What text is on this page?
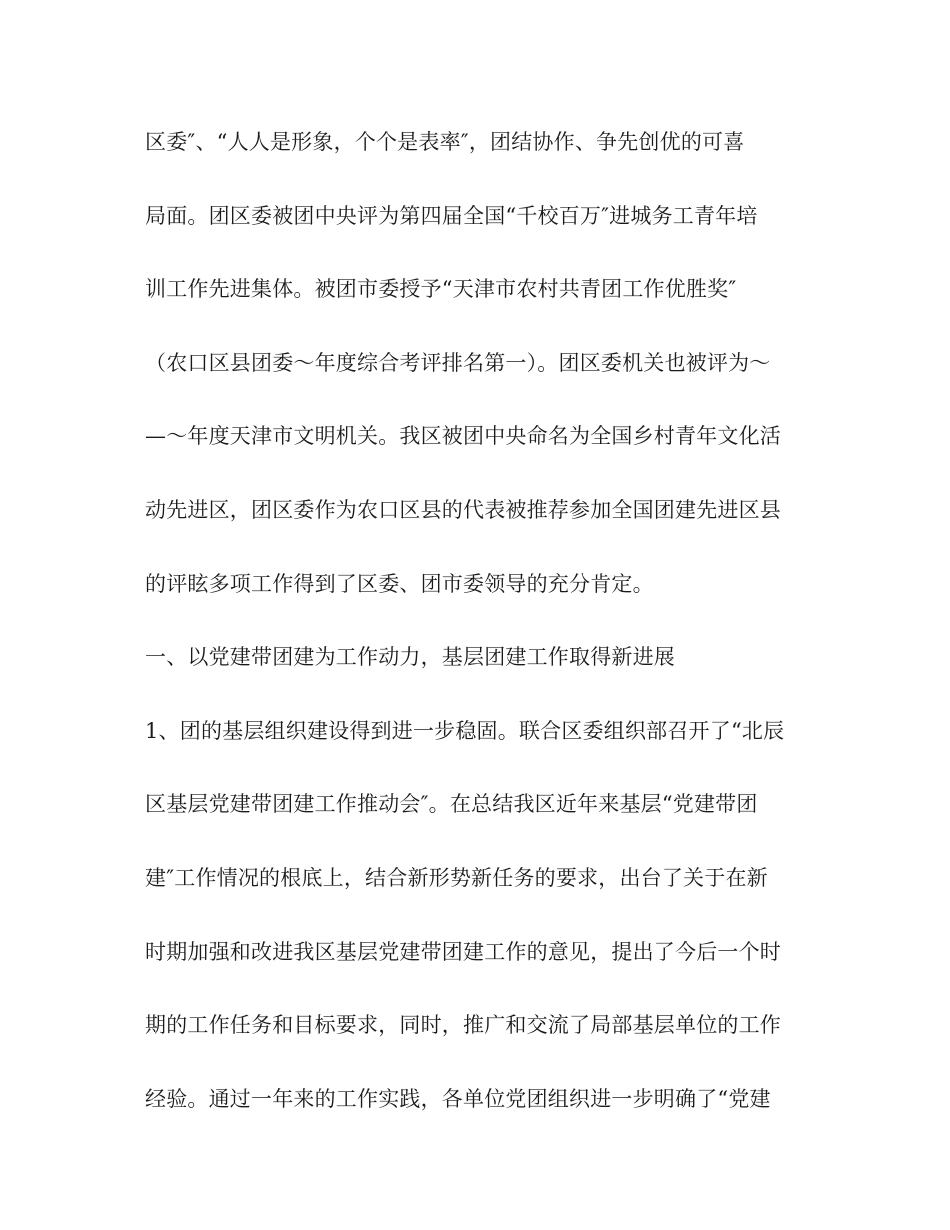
区委″、“人人是形象，个个是表率″，团结协作、争先创优的可喜
局面。团区委被团中央评为第四届全国“千校百万″进城务工青年培
训工作先进集体。被团市委授予“天津市农村共青团工作优胜奖″
（农口区县团委～年度综合考评排名第一）。团区委机关也被评为～
—～年度天津市文明机关。我区被团中央命名为全国乡村青年文化活
动先进区，团区委作为农口区县的代表被推荐参加全国团建先进区县
的评眩多项工作得到了区委、团市委领导的充分肯定。
一、以党建带团建为工作动力，基层团建工作取得新进展
1、团的基层组织建设得到进一步稳固。联合区委组织部召开了“北辰
区基层党建带团建工作推动会″。在总结我区近年来基层“党建带团
建″工作情况的根底上，结合新形势新任务的要求，出台了关于在新
时期加强和改进我区基层党建带团建工作的意见，提出了今后一个时
期的工作任务和目标要求，同时，推广和交流了局部基层单位的工作
经验。通过一年来的工作实践，各单位党团组织进一步明确了“党建
